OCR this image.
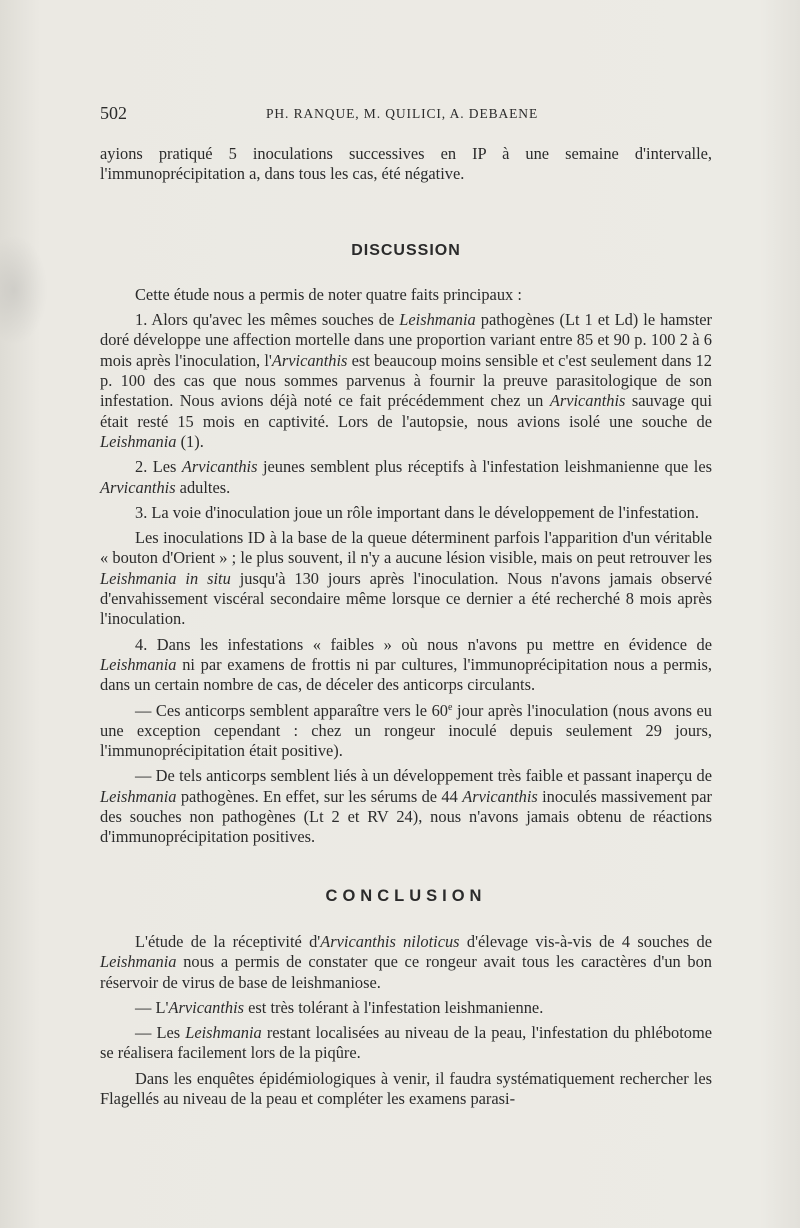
502	PH. RANQUE, M. QUILICI, A. DEBAENE

ayions pratiqué 5 inoculations successives en IP à une semaine d'intervalle, l'immunoprécipitation a, dans tous les cas, été négative.

DISCUSSION

Cette étude nous a permis de noter quatre faits principaux :

1. Alors qu'avec les mêmes souches de Leishmania pathogènes (Lt 1 et Ld) le hamster doré développe une affection mortelle dans une proportion variant entre 85 et 90 p. 100 2 à 6 mois après l'inoculation, l'Arvicanthis est beaucoup moins sensible et c'est seulement dans 12 p. 100 des cas que nous sommes parvenus à fournir la preuve parasitologique de son infestation. Nous avions déjà noté ce fait précédemment chez un Arvicanthis sauvage qui était resté 15 mois en captivité. Lors de l'autopsie, nous avions isolé une souche de Leishmania (1).

2. Les Arvicanthis jeunes semblent plus réceptifs à l'infestation leishmanienne que les Arvicanthis adultes.

3. La voie d'inoculation joue un rôle important dans le développement de l'infestation.

Les inoculations ID à la base de la queue déterminent parfois l'apparition d'un véritable « bouton d'Orient » ; le plus souvent, il n'y a aucune lésion visible, mais on peut retrouver les Leishmania in situ jusqu'à 130 jours après l'inoculation. Nous n'avons jamais observé d'envahissement viscéral secondaire même lorsque ce dernier a été recherché 8 mois après l'inoculation.

4. Dans les infestations « faibles » où nous n'avons pu mettre en évidence de Leishmania ni par examens de frottis ni par cultures, l'immunoprécipitation nous a permis, dans un certain nombre de cas, de déceler des anticorps circulants.

— Ces anticorps semblent apparaître vers le 60e jour après l'inoculation (nous avons eu une exception cependant : chez un rongeur inoculé depuis seulement 29 jours, l'immunoprécipitation était positive).

— De tels anticorps semblent liés à un développement très faible et passant inaperçu de Leishmania pathogènes. En effet, sur les sérums de 44 Arvicanthis inoculés massivement par des souches non pathogènes (Lt 2 et RV 24), nous n'avons jamais obtenu de réactions d'immunoprécipitation positives.

CONCLUSION

L'étude de la réceptivité d'Arvicanthis niloticus d'élevage vis-à-vis de 4 souches de Leishmania nous a permis de constater que ce rongeur avait tous les caractères d'un bon réservoir de virus de base de leishmaniose.

— L'Arvicanthis est très tolérant à l'infestation leishmanienne.

— Les Leishmania restant localisées au niveau de la peau, l'infestation du phlébotome se réalisera facilement lors de la piqûre.

Dans les enquêtes épidémiologiques à venir, il faudra systématiquement rechercher les Flagellés au niveau de la peau et compléter les examens parasi-
